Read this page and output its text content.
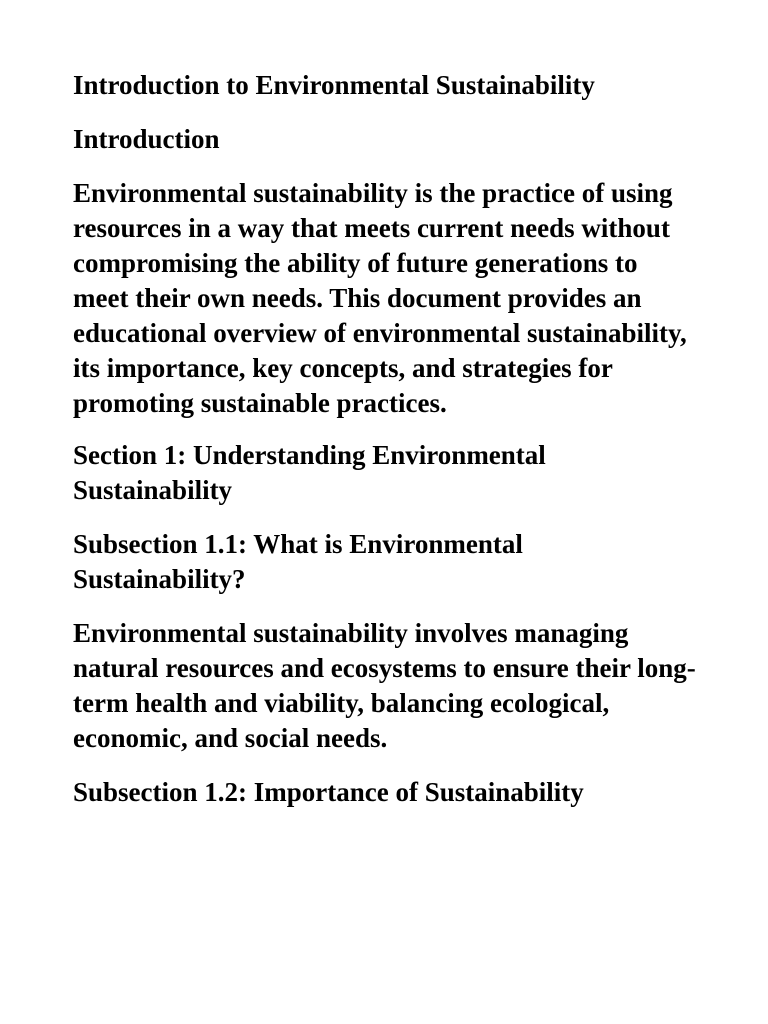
Introduction to Environmental Sustainability

Introduction

Environmental sustainability is the practice of using resources in a way that meets current needs without compromising the ability of future generations to meet their own needs. This document provides an educational overview of environmental sustainability, its importance, key concepts, and strategies for promoting sustainable practices.

Section 1: Understanding Environmental Sustainability

Subsection 1.1: What is Environmental Sustainability?

Environmental sustainability involves managing natural resources and ecosystems to ensure their long-term health and viability, balancing ecological, economic, and social needs.

Subsection 1.2: Importance of Sustainability
